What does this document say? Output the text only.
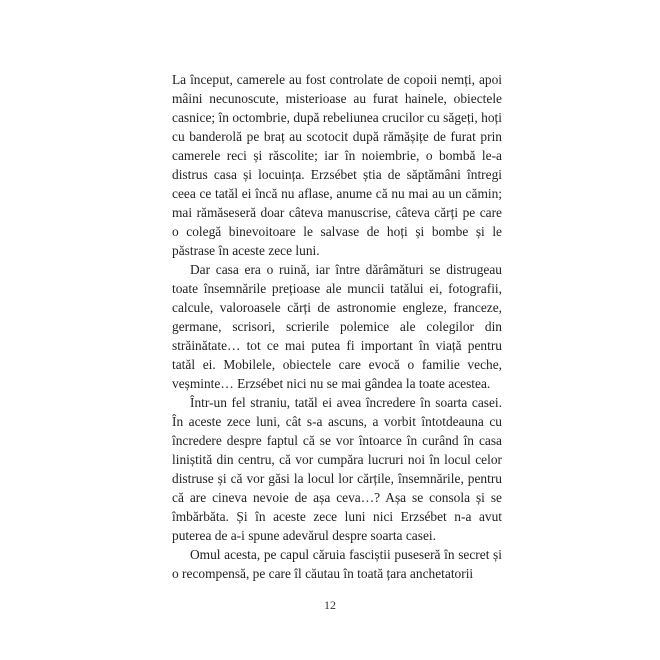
La început, camerele au fost controlate de copoii nemți, apoi mâini necunoscute, misterioase au furat hainele, obiectele casnice; în octombrie, după rebeliunea crucilor cu săgeți, hoți cu banderolă pe braț au scotocit după rămășițe de furat prin camerele reci și răscolite; iar în noiembrie, o bombă le-a distrus casa și locuința. Erzsébet știa de săptămâni întregi ceea ce tatăl ei încă nu aflase, anume că nu mai au un cămin; mai rămăseseră doar câteva manuscrise, câteva cărți pe care o colegă binevoitoare le salvase de hoți și bombe și le păstrase în aceste zece luni.

Dar casa era o ruină, iar între dărâmături se distrugeau toate însemnările prețioase ale muncii tatălui ei, fotografii, calcule, valoroasele cărți de astronomie engleze, franceze, germane, scrisori, scrierile polemice ale colegilor din străinătate… tot ce mai putea fi important în viață pentru tatăl ei. Mobilele, obiectele care evocă o familie veche, veșminte… Erzsébet nici nu se mai gândea la toate acestea.

Într-un fel straniu, tatăl ei avea încredere în soarta casei. În aceste zece luni, cât s-a ascuns, a vorbit întotdeauna cu încredere despre faptul că se vor întoarce în curând în casa liniștită din centru, că vor cumpăra lucruri noi în locul celor distruse și că vor găsi la locul lor cărțile, însemnările, pentru că are cineva nevoie de așa ceva…? Așa se consola și se îmbărbăta. Și în aceste zece luni nici Erzsébet n-a avut puterea de a-i spune adevărul despre soarta casei.

Omul acesta, pe capul căruia fasciștii puseseră în secret și o recompensă, pe care îl căutau în toată țara anchetatorii

12
